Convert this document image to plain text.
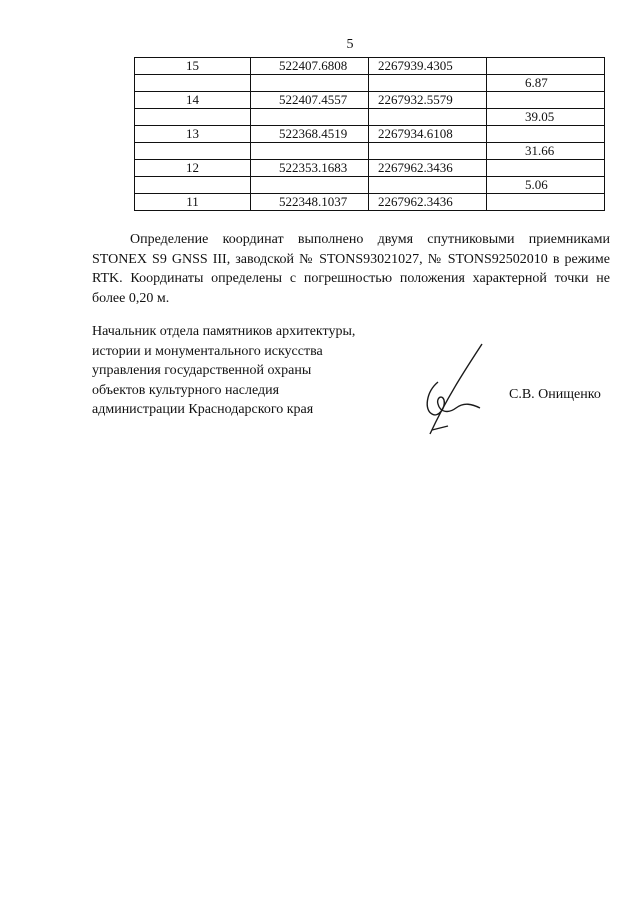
5
15	522407.6808	2267939.4305	
			6.87
14	522407.4557	2267932.5579	
			39.05
13	522368.4519	2267934.6108	
			31.66
12	522353.1683	2267962.3436	
			5.06
11	522348.1037	2267962.3436	
Определение координат выполнено двумя спутниковыми приемниками STONEX S9 GNSS III, заводской № STONS93021027, № STONS92502010 в режиме RTK. Координаты определены с погрешностью положения характерной точки не более 0,20 м.
Начальник отдела памятников архитектуры,
истории и монументального искусства
управления государственной охраны
объектов культурного наследия
администрации Краснодарского края
С.В. Онищенко
